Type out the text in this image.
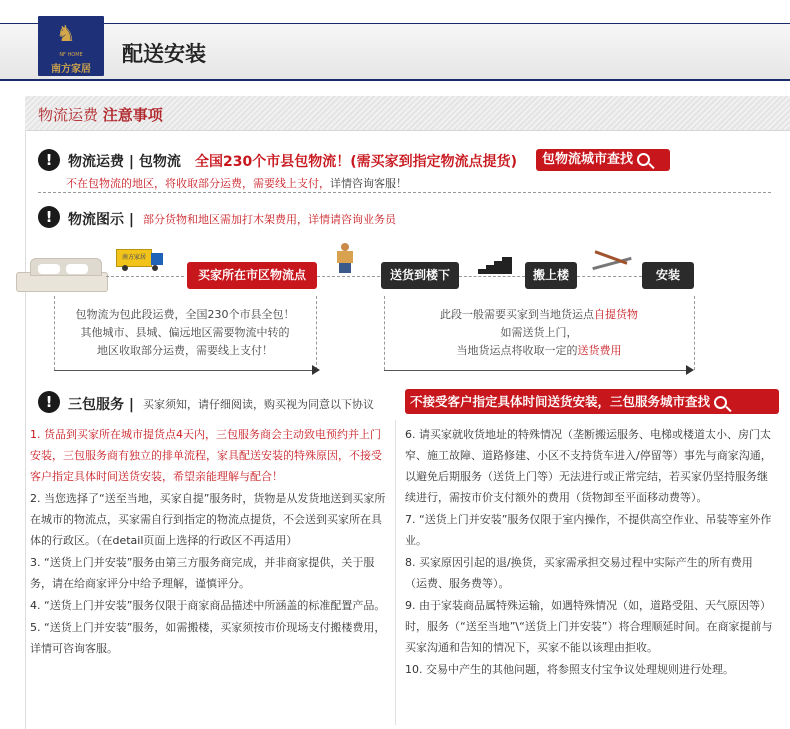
♞
NF HOME
南方家居
配送安装
物流运费 注意事项
!	物流运费 | 包物流 全国230个市县包物流！(需买家到指定物流点提货)	包物流城市查找
不在包物流的地区，将收取部分运费，需要线上支付，详情咨询客服！
!	物流图示 | 部分货物和地区需加打木架费用，详情请咨询业务员
南方家居
买家所在市区物流点	送货到楼下	搬上楼	安装
包物流为包此段运费，全国230个市县全包！
其他城市、县城、偏远地区需要物流中转的
地区收取部分运费，需要线上支付！
此段一般需要买家到当地货运点自提货物
如需送货上门，
当地货运点将收取一定的送货费用
!	三包服务 | 买家须知，请仔细阅读，购买视为同意以下协议	不接受客户指定具体时间送货安装，三包服务城市查找

1. 货品到买家所在城市提货点4天内，三包服务商会主动致电预约并上门安装，三包服务商有独立的排单流程，家具配送安装的特殊原因，不接受客户指定具体时间送货安装，希望亲能理解与配合！

2. 当您选择了“送至当地，买家自提”服务时，货物是从发货地送到买家所在城市的物流点，买家需自行到指定的物流点提货，不会送到买家所在具体的行政区。（在detail页面上选择的行政区不再适用）

3. “送货上门并安装”服务由第三方服务商完成，并非商家提供，关于服务，请在给商家评分中给予理解，谨慎评分。

4. “送货上门并安装”服务仅限于商家商品描述中所涵盖的标准配置产品。

5. “送货上门并安装”服务，如需搬楼，买家须按市价现场支付搬楼费用，详情可咨询客服。

6. 请买家就收货地址的特殊情况（垄断搬运服务、电梯或楼道太小、房门太窄、施工故障、道路修建、小区不支持货车进入/停留等）事先与商家沟通，以避免后期服务（送货上门等）无法进行或正常完结，若买家仍坚持服务继续进行，需按市价支付额外的费用（货物卸至平面移动费等）。

7. “送货上门并安装”服务仅限于室内操作，不提供高空作业、吊装等室外作业。

8. 买家原因引起的退/换货，买家需承担交易过程中实际产生的所有费用（运费、服务费等）。

9. 由于家装商品属特殊运输，如遇特殊情况（如，道路受阻、天气原因等）时，服务（“送至当地”\“送货上门并安装”）将合理顺延时间。在商家提前与买家沟通和告知的情况下，买家不能以该理由拒收。

10. 交易中产生的其他问题，将参照支付宝争议处理规则进行处理。
